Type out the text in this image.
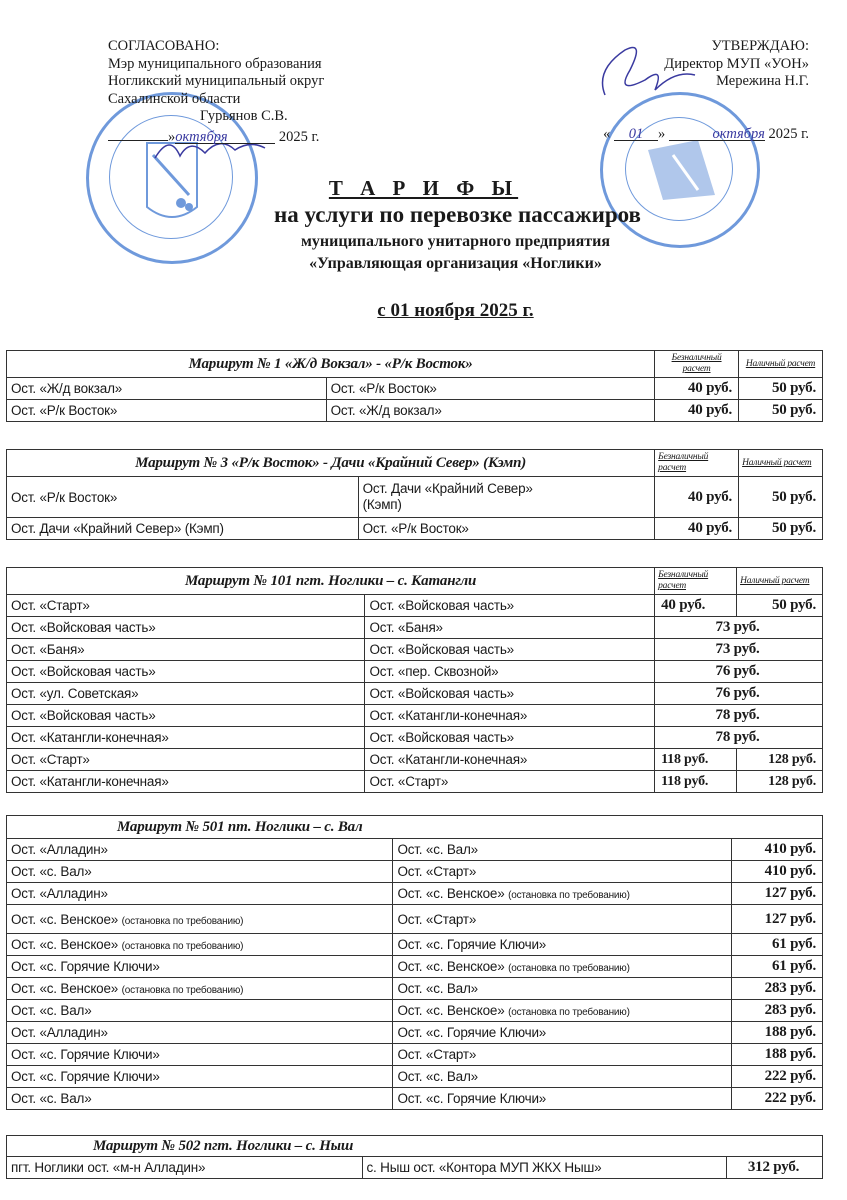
СОГЛАСОВАНО:
Мэр муниципального образования
Ногликский муниципальный округ
Сахалинской области
Гурьянов С.В.
»октября	2025 г.
УТВЕРЖДАЮ:
Директор МУП «УОН»
Мережина Н.Г.

« 01 »	октября 2025 г.
Т А Р И Ф Ы
на услуги по перевозке пассажиров
муниципального унитарного предприятия
«Управляющая организация «Ноглики»
с 01 ноября 2025 г.
Маршрут № 1 «Ж/д Вокзал» - «Р/к Восток»		Безналичный расчет	Наличный расчет
Ост. «Ж/д вокзал»	Ост. «Р/к Восток»	40 руб.	50 руб.
Ост. «Р/к Восток»	Ост. «Ж/д вокзал»	40 руб.	50 руб.
Маршрут № 3 «Р/к Восток» - Дачи «Крайний Север» (Кэмп)		Безналичный расчет	Наличный расчет
Ост. «Р/к Восток»	Ост. Дачи «Крайний Север»
(Кэмп)	40 руб.	50 руб.
Ост. Дачи «Крайний Север» (Кэмп)	Ост. «Р/к Восток»	40 руб.	50 руб.
Маршрут № 101 пгт. Ноглики – с. Катангли		Безналичный расчет	Наличный расчет
Ост. «Старт»	Ост. «Войсковая часть»	40 руб.	50 руб.
Ост. «Войсковая часть»	Ост. «Баня»	73 руб.	
Ост. «Баня»	Ост. «Войсковая часть»	73 руб.	
Ост. «Войсковая часть»	Ост. «пер. Сквозной»	76 руб.	
Ост. «ул. Советская»	Ост. «Войсковая часть»	76 руб.	
Ост. «Войсковая часть»	Ост. «Катангли-конечная»	78 руб.	
Ост. «Катангли-конечная»	Ост. «Войсковая часть»	78 руб.	
Ост. «Старт»	Ост. «Катангли-конечная»	118 руб.	128 руб.
Ост. «Катангли-конечная»	Ост. «Старт»	118 руб.	128 руб.
Маршрут № 501 пт. Ноглики – с. Вал		
Ост. «Алладин»	Ост. «с. Вал»	410 руб.
Ост. «с. Вал»	Ост. «Старт»	410 руб.
Ост. «Алладин»	Ост. «с. Венское» (остановка по требованию)	127 руб.
Ост. «с. Венское» (остановка по требованию)	Ост. «Старт»	127 руб.
Ост. «с. Венское» (остановка по требованию)	Ост. «с. Горячие Ключи»	61 руб.
Ост. «с. Горячие Ключи»	Ост. «с. Венское» (остановка по требованию)	61 руб.
Ост. «с. Венское» (остановка по требованию)	Ост. «с. Вал»	283 руб.
Ост. «с. Вал»	Ост. «с. Венское» (остановка по требованию)	283 руб.
Ост. «Алладин»	Ост. «с. Горячие Ключи»	188 руб.
Ост. «с. Горячие Ключи»	Ост. «Старт»	188 руб.
Ост. «с. Горячие Ключи»	Ост. «с. Вал»	222 руб.
Ост. «с. Вал»	Ост. «с. Горячие Ключи»	222 руб.
Маршрут № 502 пгт. Ноглики – с. Ныш
пгт. Ноглики ост. «м-н Алладин»	с. Ныш ост. «Контора МУП ЖКХ Ныш»	312 руб.
